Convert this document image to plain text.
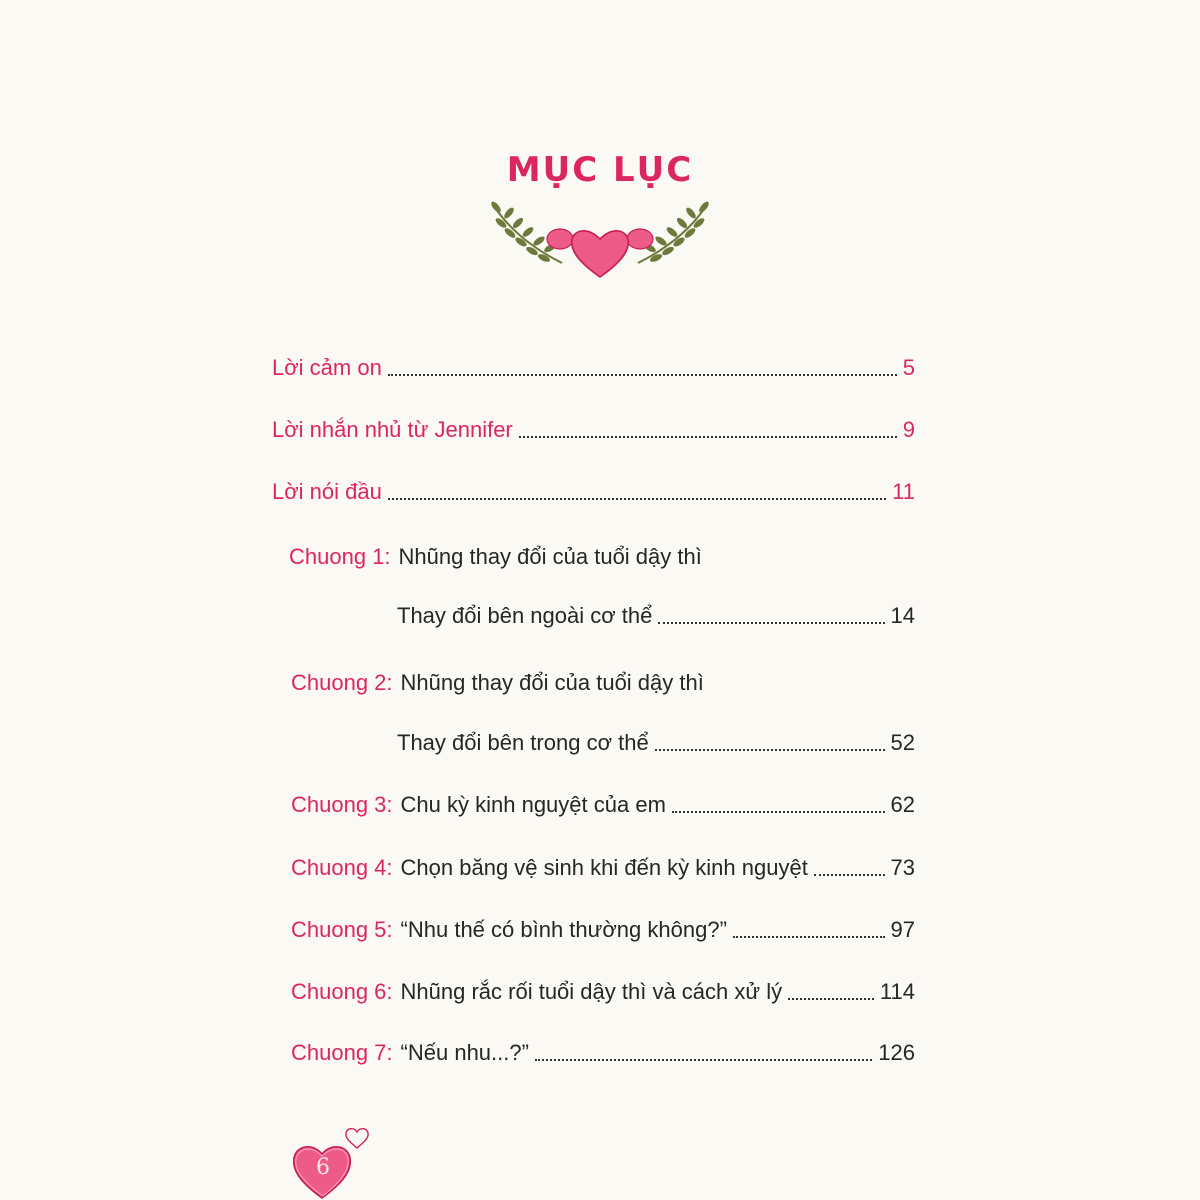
MỤC LỤC
Lời cảm on	5
Lời nhắn nhủ từ Jennifer	9
Lời nói đầu	11
Chuong 1: Nhũng thay đổi của tuổi dậy thì
Thay đổi bên ngoài cơ thể	14
Chuong 2: Nhũng thay đổi của tuổi dậy thì
Thay đổi bên trong cơ thể	52
Chuong 3: Chu kỳ kinh nguyệt của em	62
Chuong 4: Chọn băng vệ sinh khi đến kỳ kinh nguyệt	73
Chuong 5: “Nhu thế có bình thường không?”	97
Chuong 6: Nhũng rắc rối tuổi dậy thì và cách xử lý	114
Chuong 7: “Nếu nhu...?”	126
6
